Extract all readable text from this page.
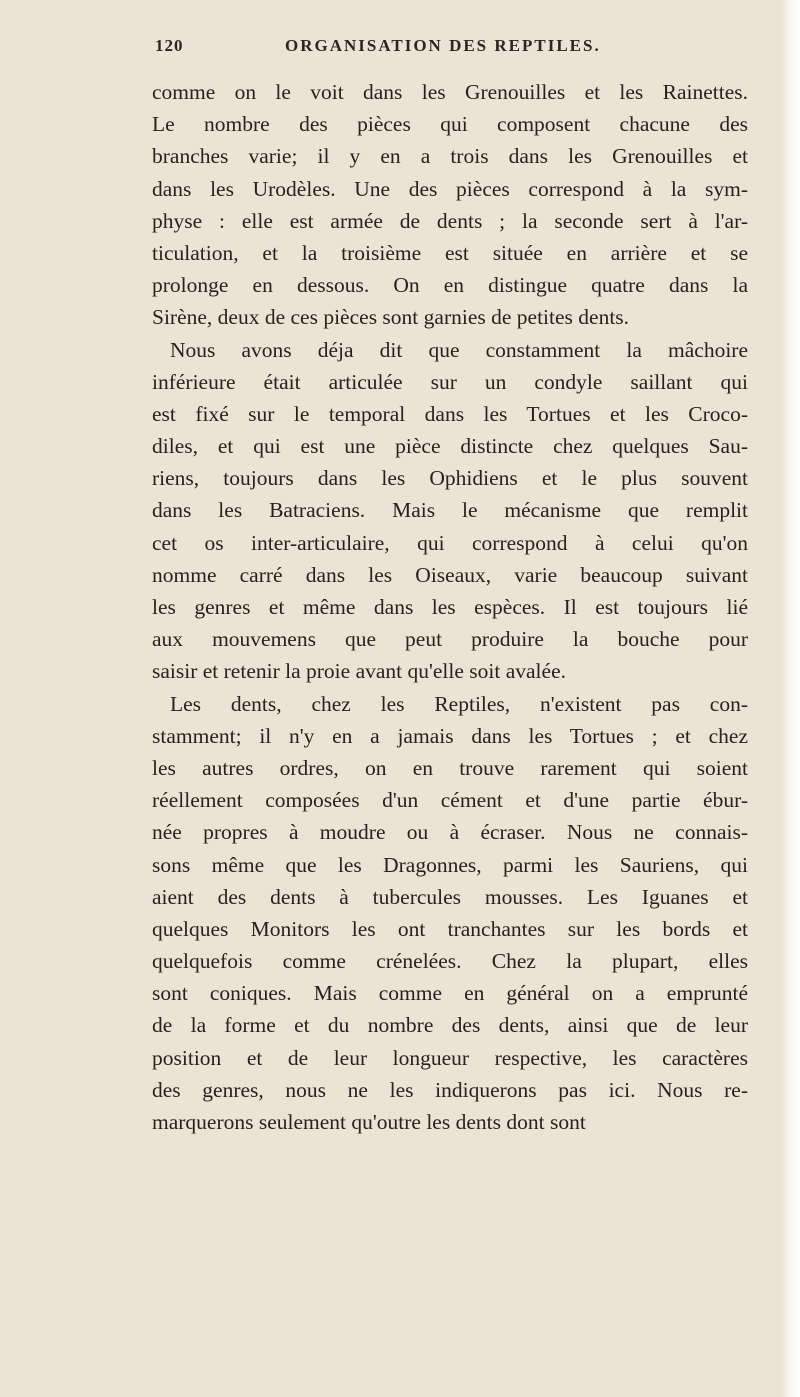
120	ORGANISATION DES REPTILES.
comme on le voit dans les Grenouilles et les Rainettes.
Le nombre des pièces qui composent chacune des
branches varie; il y en a trois dans les Grenouilles et
dans les Urodèles. Une des pièces correspond à la sym-
physe : elle est armée de dents ; la seconde sert à l'ar-
ticulation, et la troisième est située en arrière et se
prolonge en dessous. On en distingue quatre dans la
Sirène, deux de ces pièces sont garnies de petites dents.
Nous avons déja dit que constamment la mâchoire
inférieure était articulée sur un condyle saillant qui
est fixé sur le temporal dans les Tortues et les Croco-
diles, et qui est une pièce distincte chez quelques Sau-
riens, toujours dans les Ophidiens et le plus souvent
dans les Batraciens. Mais le mécanisme que remplit
cet os inter-articulaire, qui correspond à celui qu'on
nomme carré dans les Oiseaux, varie beaucoup suivant
les genres et même dans les espèces. Il est toujours lié
aux mouvemens que peut produire la bouche pour
saisir et retenir la proie avant qu'elle soit avalée.
Les dents, chez les Reptiles, n'existent pas con-
stamment; il n'y en a jamais dans les Tortues ; et chez
les autres ordres, on en trouve rarement qui soient
réellement composées d'un cément et d'une partie ébur-
née propres à moudre ou à écraser. Nous ne connais-
sons même que les Dragonnes, parmi les Sauriens, qui
aient des dents à tubercules mousses. Les Iguanes et
quelques Monitors les ont tranchantes sur les bords et
quelquefois comme crénelées. Chez la plupart, elles
sont coniques. Mais comme en général on a emprunté
de la forme et du nombre des dents, ainsi que de leur
position et de leur longueur respective, les caractères
des genres, nous ne les indiquerons pas ici. Nous re-
marquerons seulement qu'outre les dents dont sont
